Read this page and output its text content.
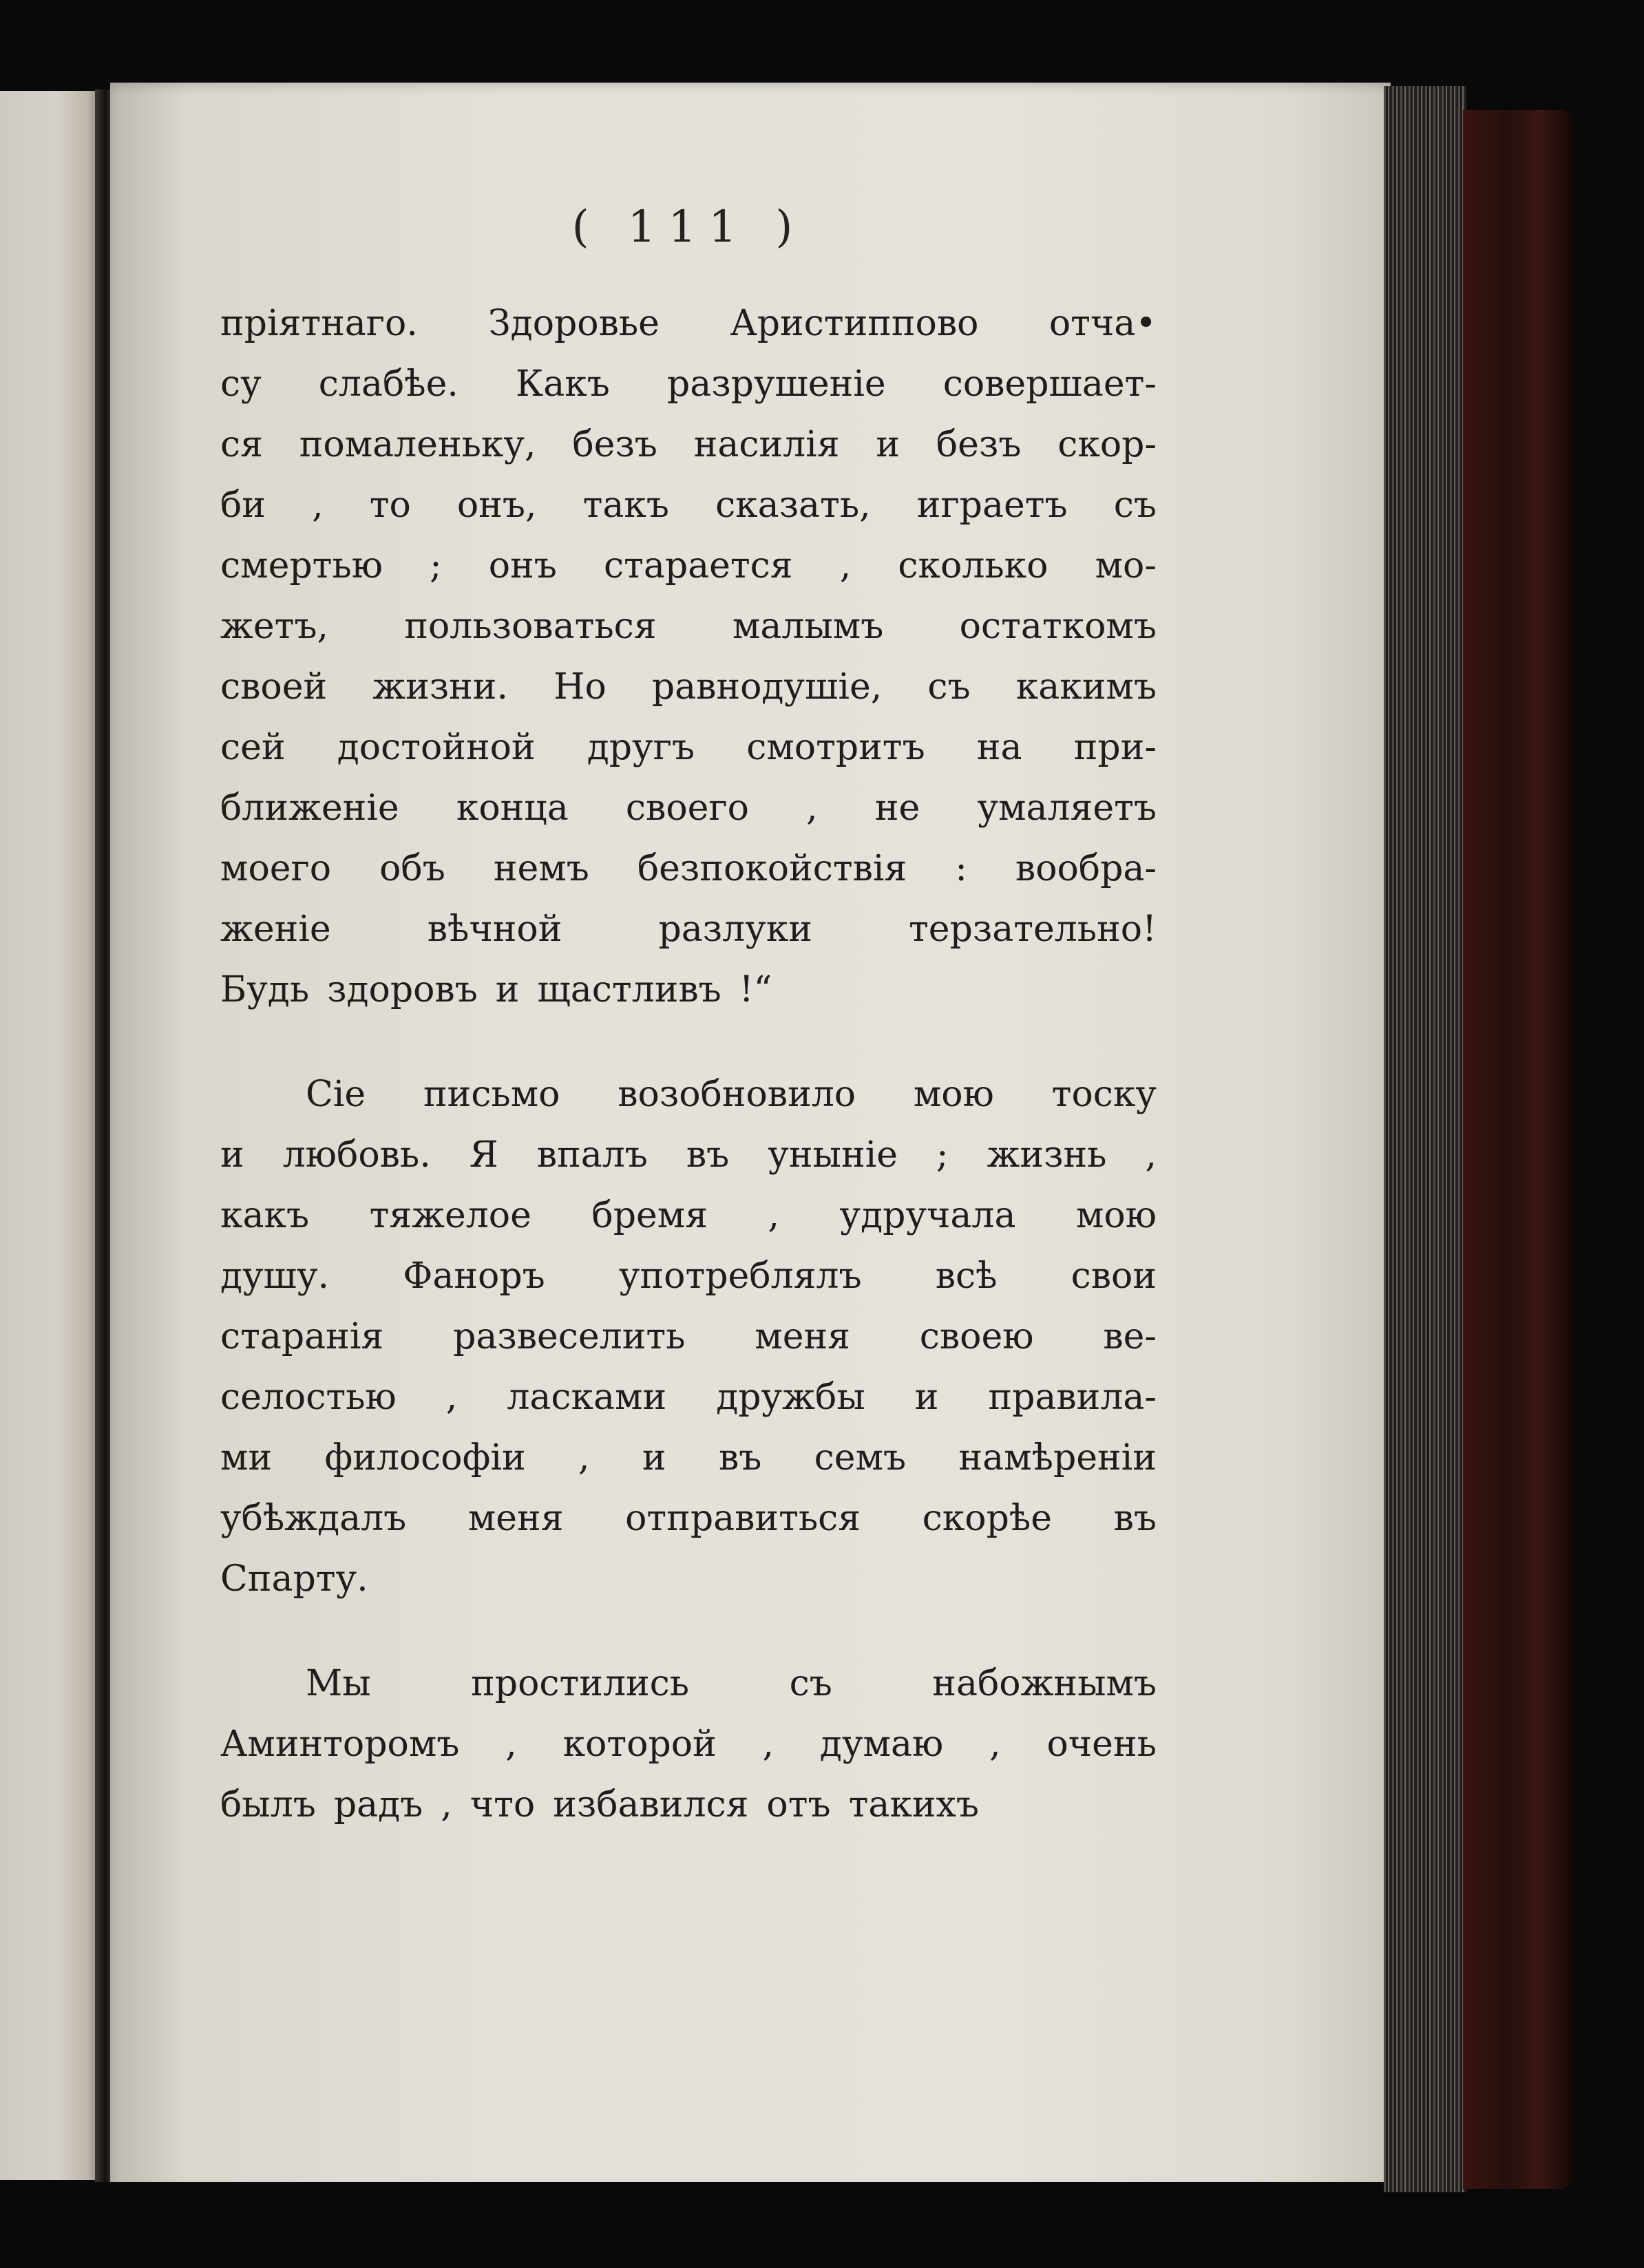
( 111 )
пріятнаго. Здоровье Аристиппово отча•
су слабѣе. Какъ разрушеніе совершает-
ся помаленьку, безъ насилія и безъ скор-
би , то онъ, такъ сказать, играетъ съ
смертью ; онъ старается , сколько мо-
жетъ, пользоваться малымъ остаткомъ
своей жизни. Но равнодушіе, съ какимъ
сей достойной другъ смотритъ на при-
ближеніе конца своего , не умаляетъ
моего объ немъ безпокойствія : вообра-
женіе	вѣчной	разлуки	терзательно!
Будь здоровъ и щастливъ !“
Сіе письмо возобновило мою тоску
и любовь. Я впалъ въ уныніе ; жизнь ,
какъ тяжелое бремя , удручала мою
душу. Фаноръ употреблялъ всѣ свои
старанія развеселить меня своею ве-
селостью , ласками дружбы и правила-
ми философіи , и въ семъ намѣреніи
убѣждалъ меня отправиться скорѣе въ
Спарту.
Мы	простились	съ	набожнымъ
Аминторомъ , которой , думаю , очень
былъ радъ , что избавился отъ такихъ
